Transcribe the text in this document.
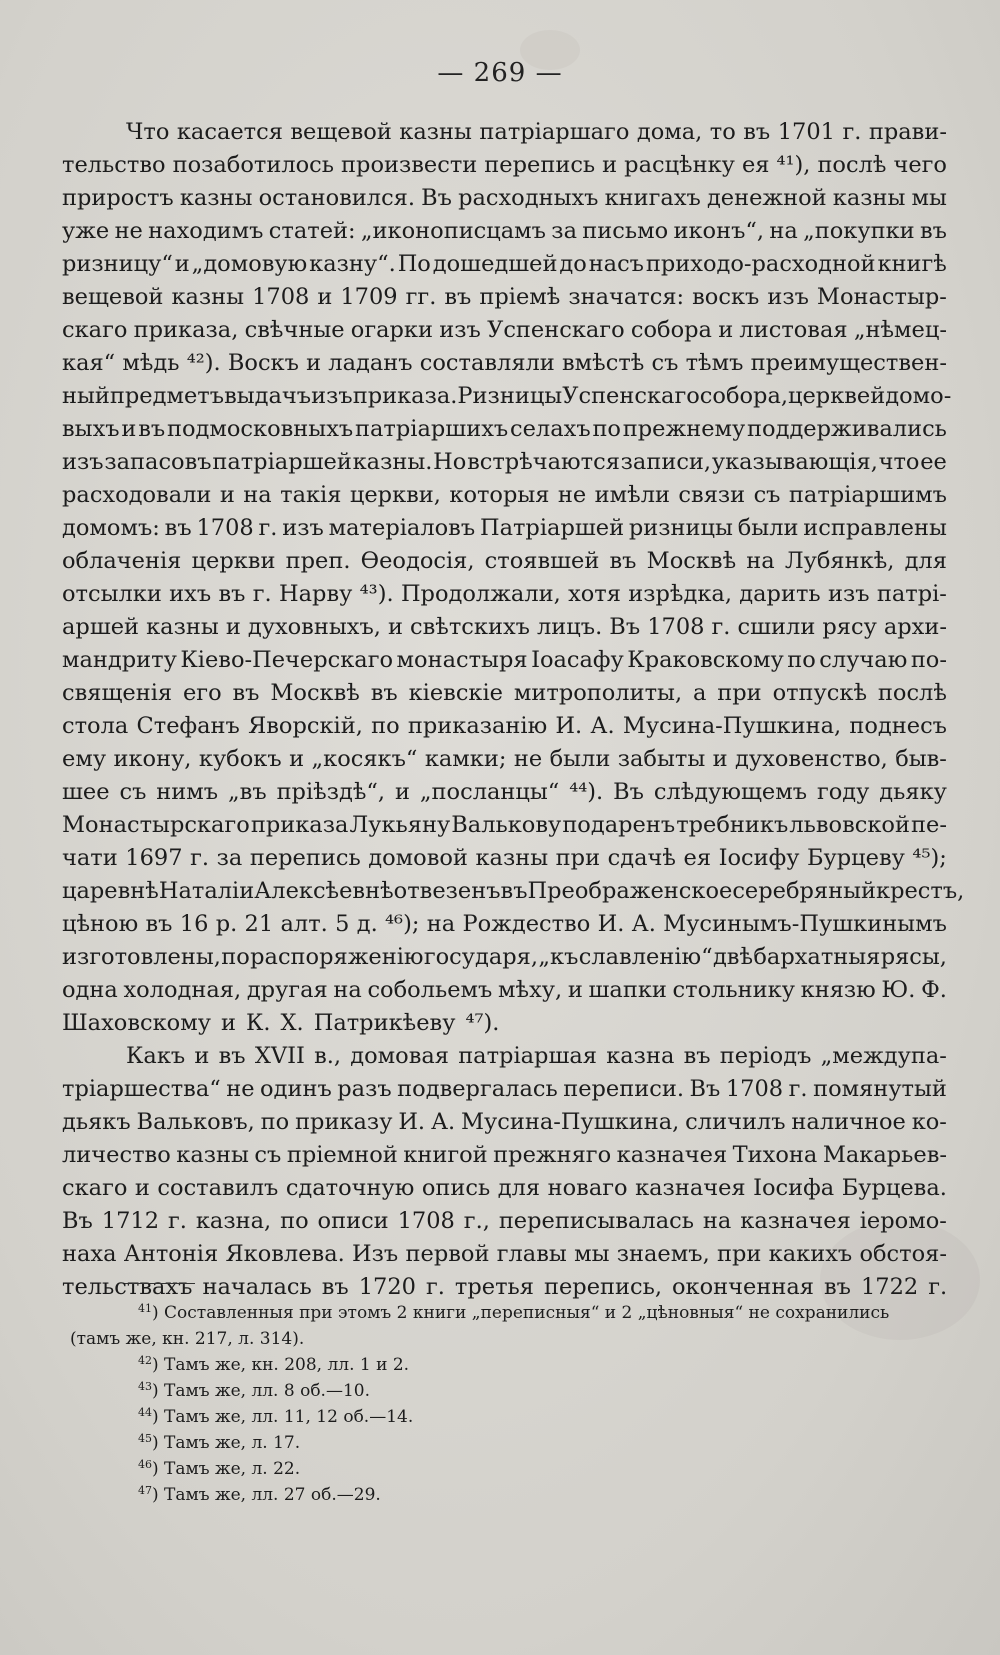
— 269 —
Что касается вещевой казны патріаршаго дома, то въ 1701 г. прави-
тельство позаботилось произвести перепись и расцѣнку ея ⁴¹), послѣ чего
приростъ казны остановился. Въ расходныхъ книгахъ денежной казны мы
уже не находимъ статей: „иконописцамъ за письмо иконъ“, на „покупки въ
ризницу“ и „домовую казну“. По дошедшей до насъ приходо-расходной книгѣ
вещевой казны 1708 и 1709 гг. въ пріемѣ значатся: воскъ изъ Монастыр-
скаго приказа, свѣчные огарки изъ Успенскаго собора и листовая „нѣмец-
кая“ мѣдь ⁴²). Воскъ и ладанъ составляли вмѣстѣ съ тѣмъ преимуществен-
ный предметъ выдачъ изъ приказа. Ризницы Успенскаго собора, церквей домо-
выхъ и въ подмосковныхъ патріаршихъ селахъ по прежнему поддерживались
изъ запасовъ патріаршей казны. Но встрѣчаются записи, указывающія, что ее
расходовали и на такія церкви, которыя не имѣли связи съ патріаршимъ
домомъ: въ 1708 г. изъ матеріаловъ Патріаршей ризницы были исправлены
облаченія церкви преп. Ѳеодосія, стоявшей въ Москвѣ на Лубянкѣ, для
отсылки ихъ въ г. Нарву ⁴³). Продолжали, хотя изрѣдка, дарить изъ патрі-
аршей казны и духовныхъ, и свѣтскихъ лицъ. Въ 1708 г. сшили рясу архи-
мандриту Кіево-Печерскаго монастыря Іоасафу Краковскому по случаю по-
священія его въ Москвѣ въ кіевскіе митрополиты, а при отпускѣ послѣ
стола Стефанъ Яворскій, по приказанію И. А. Мусина-Пушкина, поднесъ
ему икону, кубокъ и „косякъ“ камки; не были забыты и духовенство, быв-
шее съ нимъ „въ пріѣздѣ“, и „посланцы“ ⁴⁴). Въ слѣдующемъ году дьяку
Монастырскаго приказа Лукьяну Валькову подаренъ требникъ львовской пе-
чати 1697 г. за перепись домовой казны при сдачѣ ея Іосифу Бурцеву ⁴⁵);
царевнѣ Наталіи Алексѣевнѣ отвезенъ въ Преображенское серебряный крестъ,
цѣною въ 16 р. 21 алт. 5 д. ⁴⁶); на Рождество И. А. Мусинымъ-Пушкинымъ
изготовлены, по распоряженію государя, „къ славленію“ двѣ бархатныя рясы,
одна холодная, другая на собольемъ мѣху, и шапки стольнику князю Ю. Ф.
Шаховскому и К. Х. Патрикѣеву ⁴⁷).
Какъ и въ XVII в., домовая патріаршая казна въ періодъ „междупа-
тріаршества“ не одинъ разъ подвергалась переписи. Въ 1708 г. помянутый
дьякъ Вальковъ, по приказу И. А. Мусина-Пушкина, сличилъ наличное ко-
личество казны съ пріемной книгой прежняго казначея Тихона Макарьев-
скаго и составилъ сдаточную опись для новаго казначея Іосифа Бурцева.
Въ 1712 г. казна, по описи 1708 г., переписывалась на казначея іеромо-
наха Антонія Яковлева. Изъ первой главы мы знаемъ, при какихъ обстоя-
тельствахъ началась въ 1720 г. третья перепись, оконченная въ 1722 г.
$^{41}$) Составленныя при этомъ 2 книги „переписныя“ и 2 „цѣновныя“ не сохранились
(тамъ же, кн. 217, л. 314).
$^{42}$) Тамъ же, кн. 208, лл. 1 и 2.
$^{43}$) Тамъ же, лл. 8 об.—10.
$^{44}$) Тамъ же, лл. 11, 12 об.—14.
$^{45}$) Тамъ же, л. 17.
$^{46}$) Тамъ же, л. 22.
$^{47}$) Тамъ же, лл. 27 об.—29.
